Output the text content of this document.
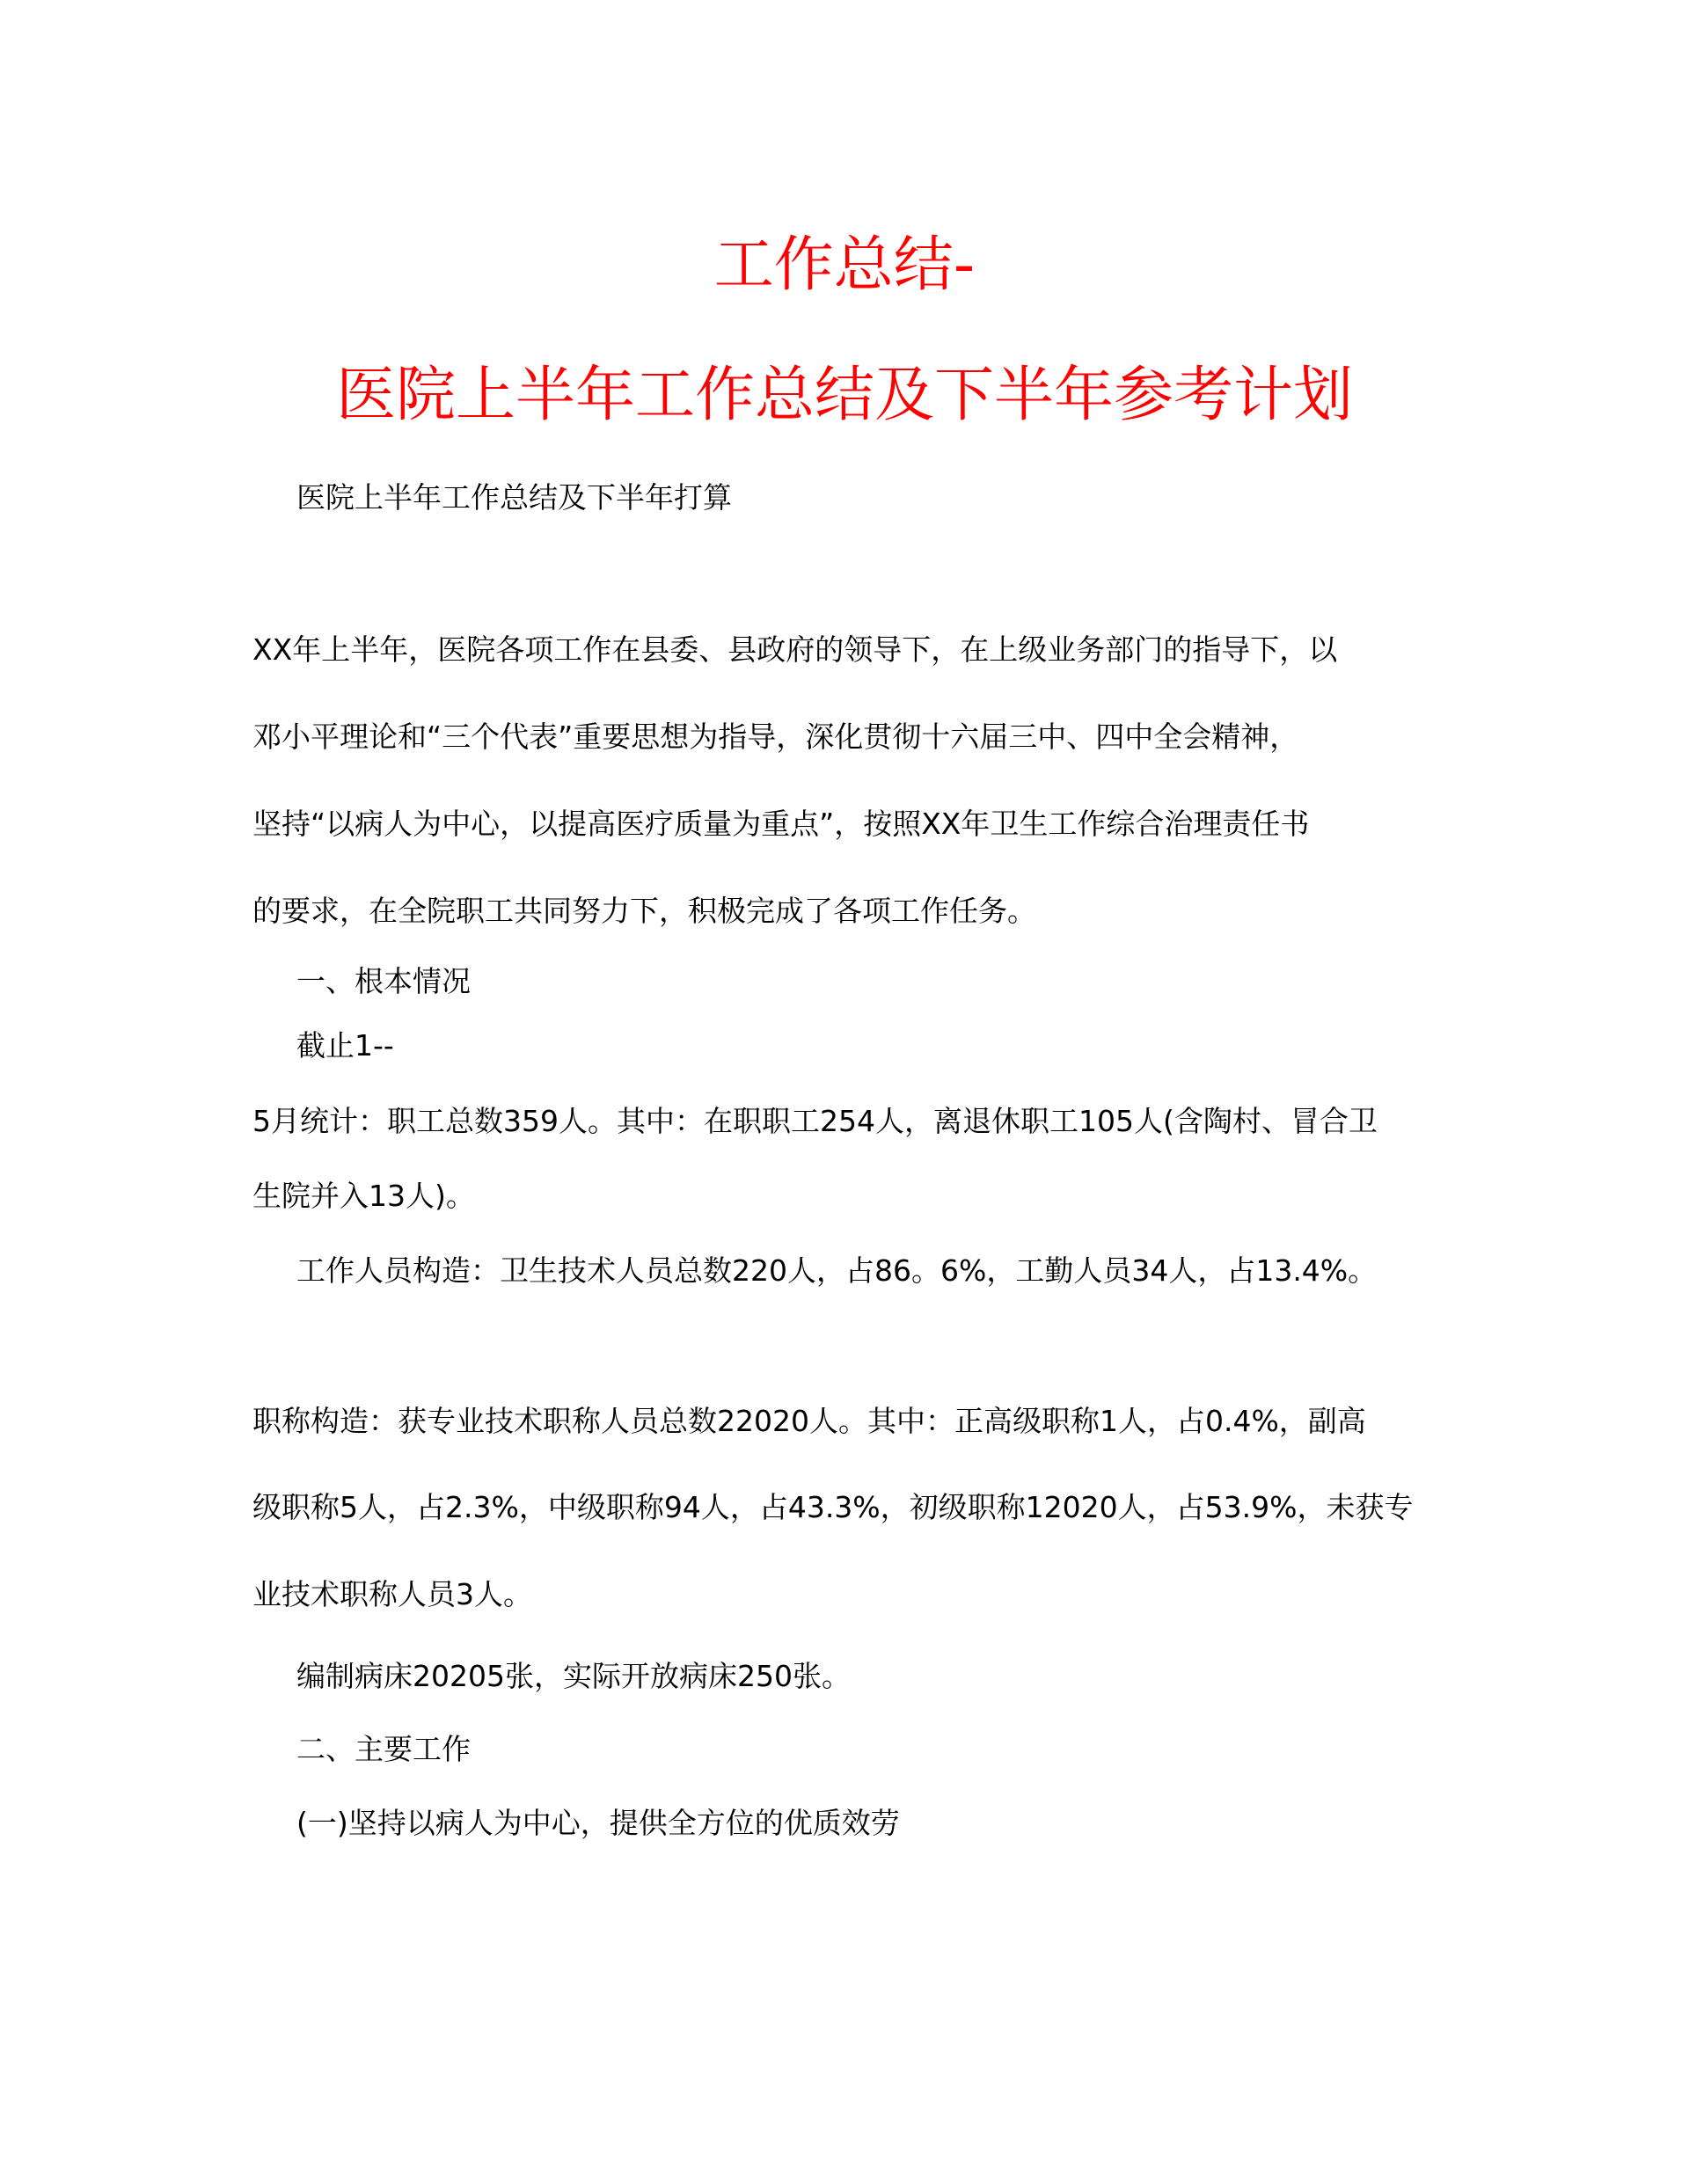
工作总结-
医院上半年工作总结及下半年参考计划
医院上半年工作总结及下半年打算
XX年上半年，医院各项工作在县委、县政府的领导下，在上级业务部门的指导下，以
邓小平理论和“三个代表”重要思想为指导，深化贯彻十六届三中、四中全会精神，
坚持“以病人为中心，以提高医疗质量为重点”，按照XX年卫生工作综合治理责任书
的要求，在全院职工共同努力下，积极完成了各项工作任务。
一、根本情况
截止1--
5月统计：职工总数359人。其中：在职职工254人，离退休职工105人(含陶村、冒合卫
生院并入13人)。
工作人员构造：卫生技术人员总数220人，占86。6%，工勤人员34人，占13.4%。
职称构造：获专业技术职称人员总数22020人。其中：正高级职称1人，占0.4%，副高
级职称5人，占2.3%，中级职称94人，占43.3%，初级职称12020人，占53.9%，未获专
业技术职称人员3人。
编制病床20205张，实际开放病床250张。
二、主要工作
(一)坚持以病人为中心，提供全方位的优质效劳
